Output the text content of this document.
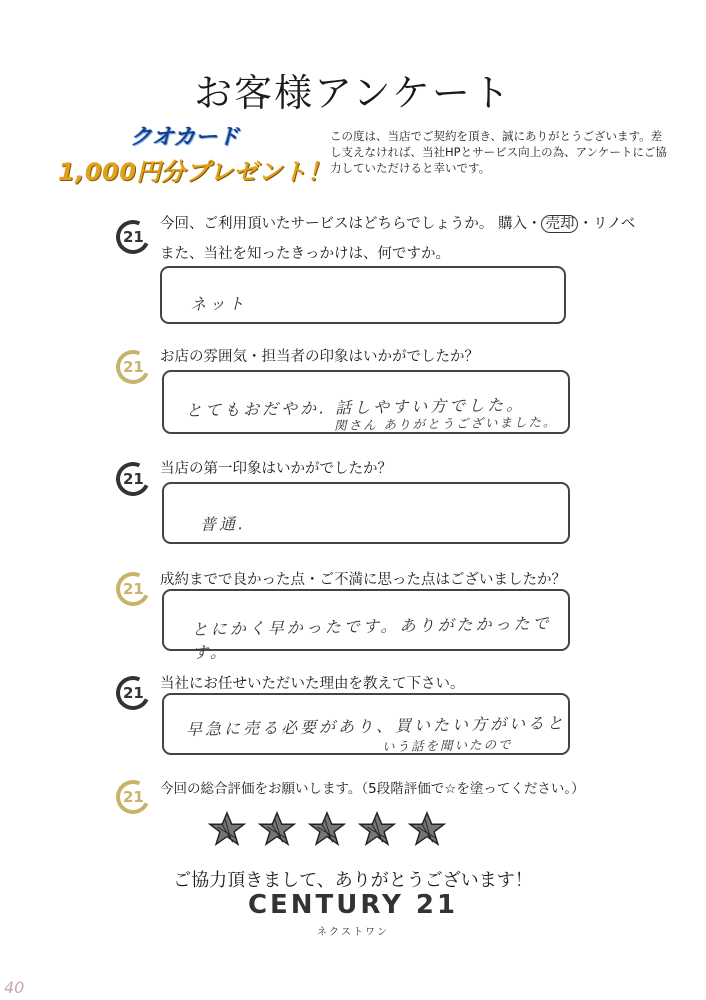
お客様アンケート
クオカード
1,000円分プレゼント！
この度は、当店でご契約を頂き、誠にありがとうございます。差し支えなければ、当社HPとサービス向上の為、アンケートにご協力していただけると幸いです。
21
今回、ご利用頂いたサービスはどちらでしょうか。 購入・ 売却 ・リノベ
また、当社を知ったきっかけは、何ですか。
ネット
21
お店の雰囲気・担当者の印象はいかがでしたか？
とてもおだやか. 話しやすい方でした。
関さん ありがとうございました。
21
当店の第一印象はいかがでしたか？
普通.
21 成約までで良かった点・ご不満に思った点はございましたか？
とにかく早かったです。ありがたかったです。
21 当社にお任せいただいた理由を教えて下さい。
早急に売る必要があり、買いたい方がいると
いう話を聞いたので
21 今回の総合評価をお願いします。（5段階評価で☆を塗ってください。）
ご協力頂きまして、ありがとうございます！
CENTURY 21
ネクストワン
40
